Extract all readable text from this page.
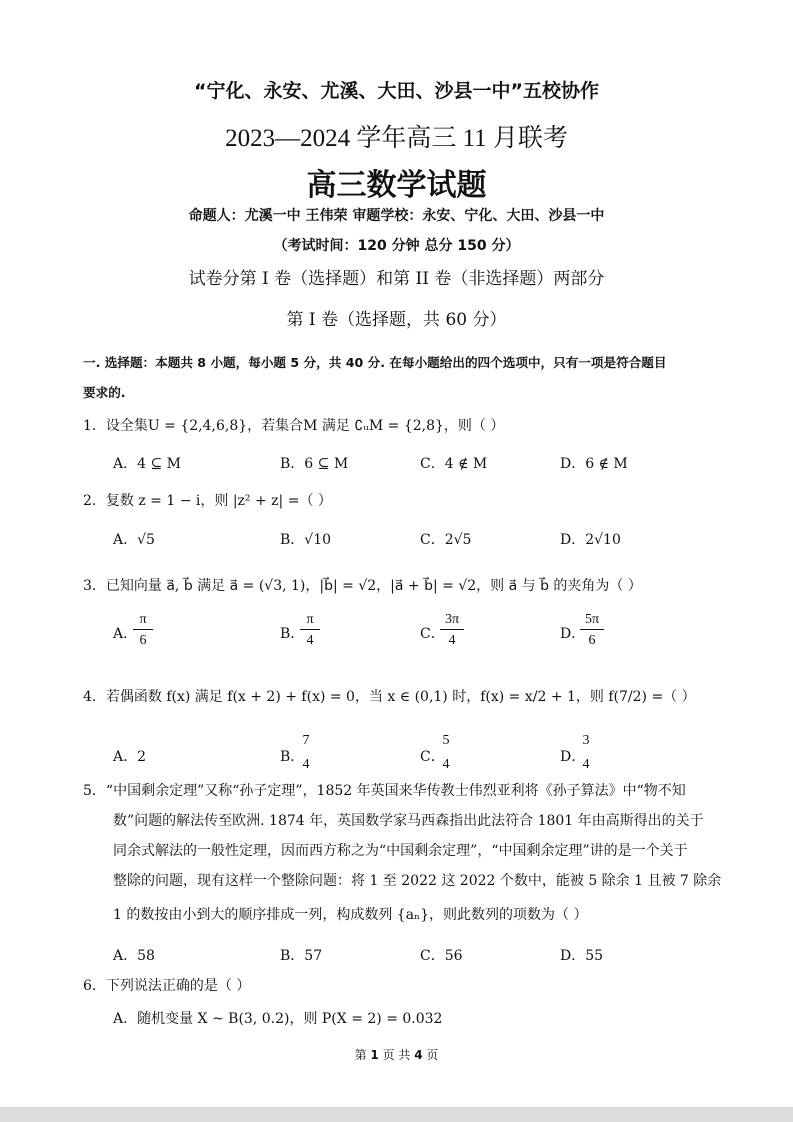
“宁化、永安、尤溪、大田、沙县一中”五校协作
2023—2024 学年高三 11 月联考
高三数学试题
命题人：尤溪一中 王伟荣 审题学校：永安、宁化、大田、沙县一中
（考试时间：120 分钟 总分 150 分）
试卷分第 I 卷（选择题）和第 II 卷（非选择题）两部分
第 I 卷（选择题，共 60 分）
一. 选择题：本题共 8 小题，每小题 5 分，共 40 分. 在每小题给出的四个选项中，只有一项是符合题目
要求的.
1．设全集U = {2,4,6,8}，若集合M 满足 ∁ᵤM = {2,8}，则（ ）
A．4 ⊆ M	B．6 ⊆ M	C．4 ∉ M	D．6 ∉ M
2．复数 z = 1 − i，则 |z² + z| =（ ）
A．√5	B．√10	C．2√5	D．2√10
3．已知向量 a⃗, b⃗ 满足 a⃗ = (√3, 1)，|b⃗| = √2，|a⃗ + b⃗| = √2，则 a⃗ 与 b⃗ 的夹角为（ ）
A．
π
6	B．
π
4	C．
3π
4	D．
5π
6
4．若偶函数 f(x) 满足 f(x + 2) + f(x) = 0，当 x ∈ (0,1) 时，f(x) = x/2 + 1，则 f(7/2) =（ ）
A．2	B．
7
4	C．
5
4	D．
3
4
5．“中国剩余定理”又称“孙子定理”，1852 年英国来华传教士伟烈亚利将《孙子算法》中“物不知
数”问题的解法传至欧洲. 1874 年，英国数学家马西森指出此法符合 1801 年由高斯得出的关于
同余式解法的一般性定理，因而西方称之为“中国剩余定理”，“中国剩余定理”讲的是一个关于
整除的问题，现有这样一个整除问题：将 1 至 2022 这 2022 个数中，能被 5 除余 1 且被 7 除余
1 的数按由小到大的顺序排成一列，构成数列 {aₙ}，则此数列的项数为（ ）
A．58	B．57	C．56	D．55
6．下列说法正确的是（ ）
A．随机变量 X ~ B(3, 0.2)，则 P(X = 2) = 0.032
第 1 页 共 4 页
